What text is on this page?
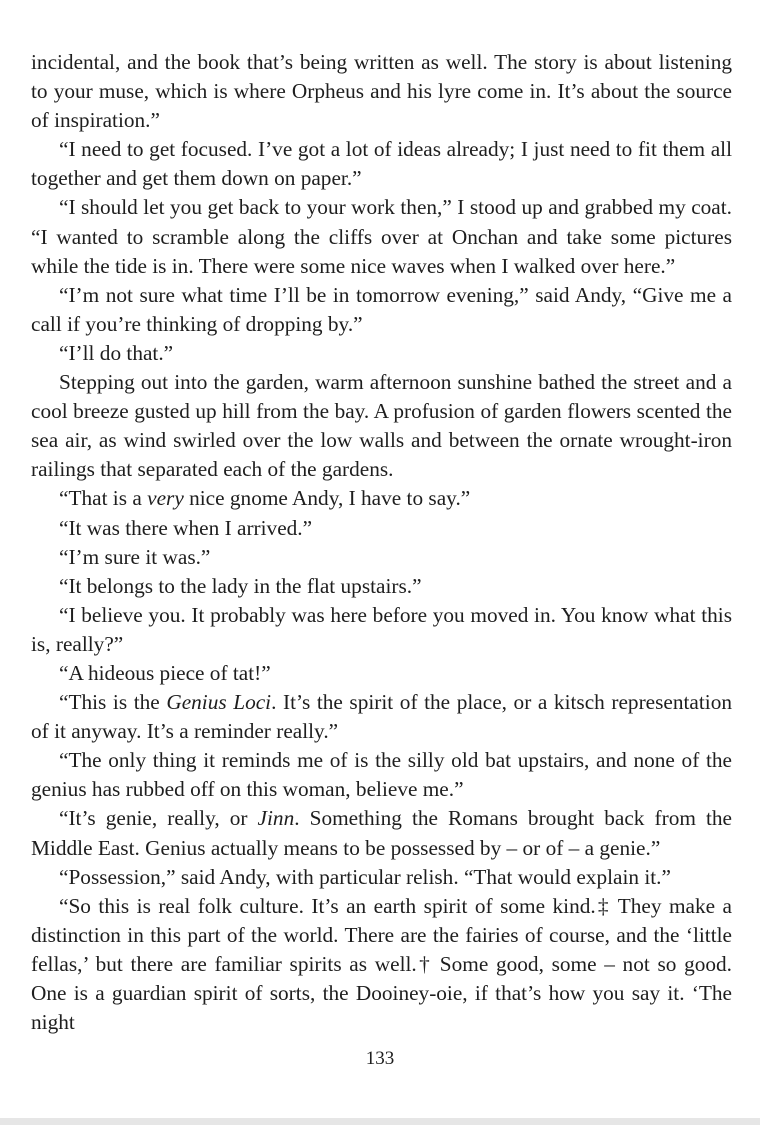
incidental, and the book that’s being written as well. The story is about listening to your muse, which is where Orpheus and his lyre come in. It’s about the source of inspiration.”

“I need to get focused. I’ve got a lot of ideas already; I just need to fit them all together and get them down on paper.”

“I should let you get back to your work then,” I stood up and grabbed my coat. “I wanted to scramble along the cliffs over at Onchan and take some pictures while the tide is in. There were some nice waves when I walked over here.”

“I’m not sure what time I’ll be in tomorrow evening,” said Andy, “Give me a call if you’re thinking of dropping by.”

“I’ll do that.”

Stepping out into the garden, warm afternoon sunshine bathed the street and a cool breeze gusted up hill from the bay. A profusion of garden flowers scented the sea air, as wind swirled over the low walls and between the ornate wrought-iron railings that separated each of the gardens.

“That is a very nice gnome Andy, I have to say.”

“It was there when I arrived.”

“I’m sure it was.”

“It belongs to the lady in the flat upstairs.”

“I believe you. It probably was here before you moved in. You know what this is, really?”

“A hideous piece of tat!”

“This is the Genius Loci. It’s the spirit of the place, or a kitsch representation of it anyway. It’s a reminder really.”

“The only thing it reminds me of is the silly old bat upstairs, and none of the genius has rubbed off on this woman, believe me.”

“It’s genie, really, or Jinn. Something the Romans brought back from the Middle East. Genius actually means to be possessed by – or of – a genie.”

“Possession,” said Andy, with particular relish. “That would explain it.”

“So this is real folk culture. It’s an earth spirit of some kind.‡ They make a distinction in this part of the world. There are the fairies of course, and the ‘little fellas,’ but there are familiar spirits as well.† Some good, some – not so good. One is a guardian spirit of sorts, the Dooiney-oie, if that’s how you say it. ‘The night

133
